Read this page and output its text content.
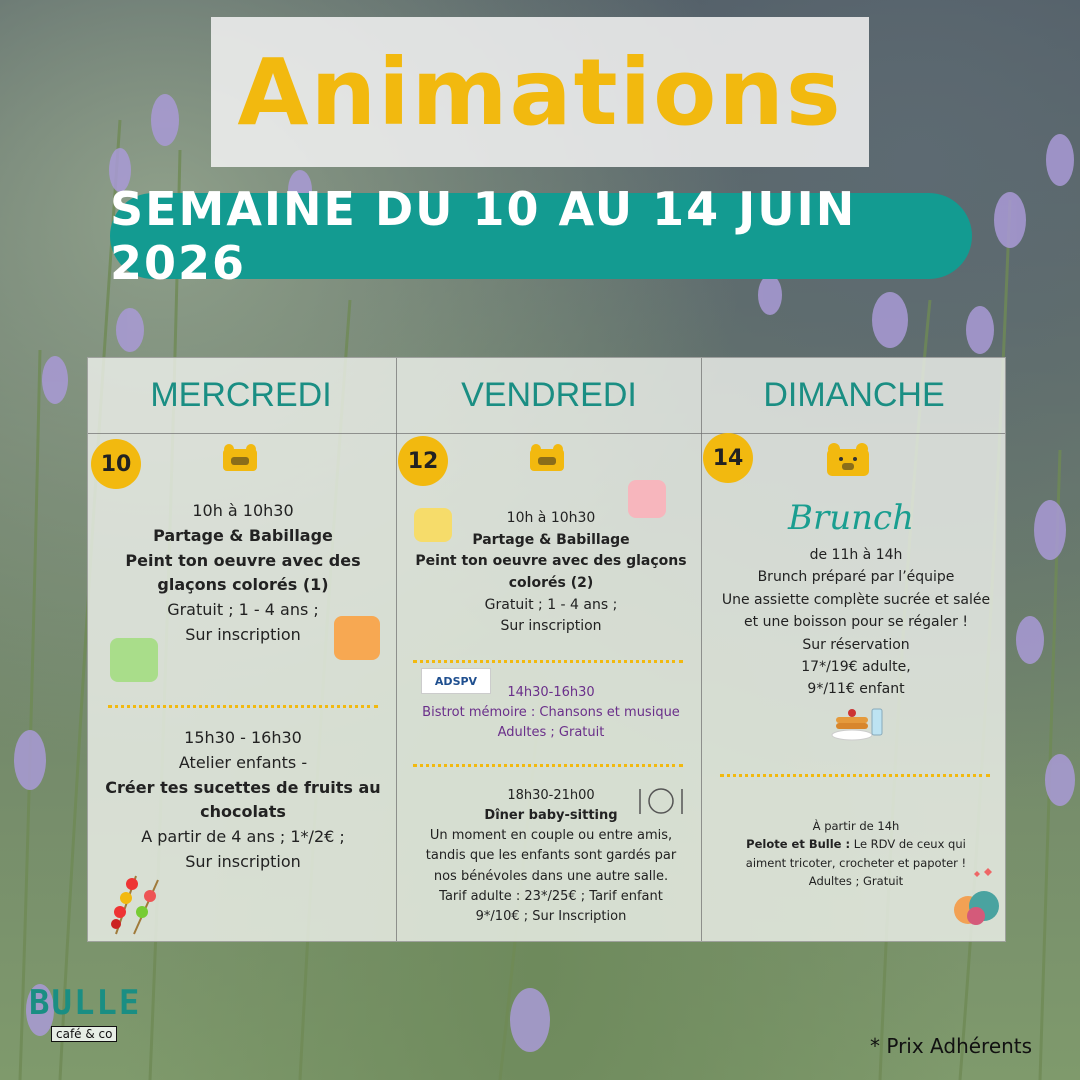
Animations
SEMAINE DU 10 AU 14 JUIN 2026
MERCREDI	VENDREDI	DIMANCHE
10	12	14
10h à 10h30
Partage & Babillage
Peint ton oeuvre avec des glaçons colorés (1)
Gratuit ; 1 - 4 ans ;
Sur inscription
15h30 - 16h30
Atelier enfants -
Créer tes sucettes de fruits au chocolats
A partir de 4 ans ; 1*/2€ ;
Sur inscription
10h à 10h30
Partage & Babillage
Peint ton oeuvre avec des glaçons colorés (2)
Gratuit ; 1 - 4 ans ;
Sur inscription
ADSPV
14h30-16h30
Bistrot mémoire : Chansons et musique
Adultes ; Gratuit
18h30-21h00
Dîner baby-sitting
Un moment en couple ou entre amis,
tandis que les enfants sont gardés par
nos bénévoles dans une autre salle.
Tarif adulte : 23*/25€ ; Tarif enfant
9*/10€ ; Sur Inscription
de 11h à 14h
Brunch préparé par l’équipe
Une assiette complète sucrée et salée
et une boisson pour se régaler !
Sur réservation
17*/19€ adulte,
9*/11€ enfant
À partir de 14h
Pelote et Bulle : Le RDV de ceux qui
aiment tricoter, crocheter et papoter !
Adultes ; Gratuit
Brunch
BULLE
café & co	* Prix Adhérents
